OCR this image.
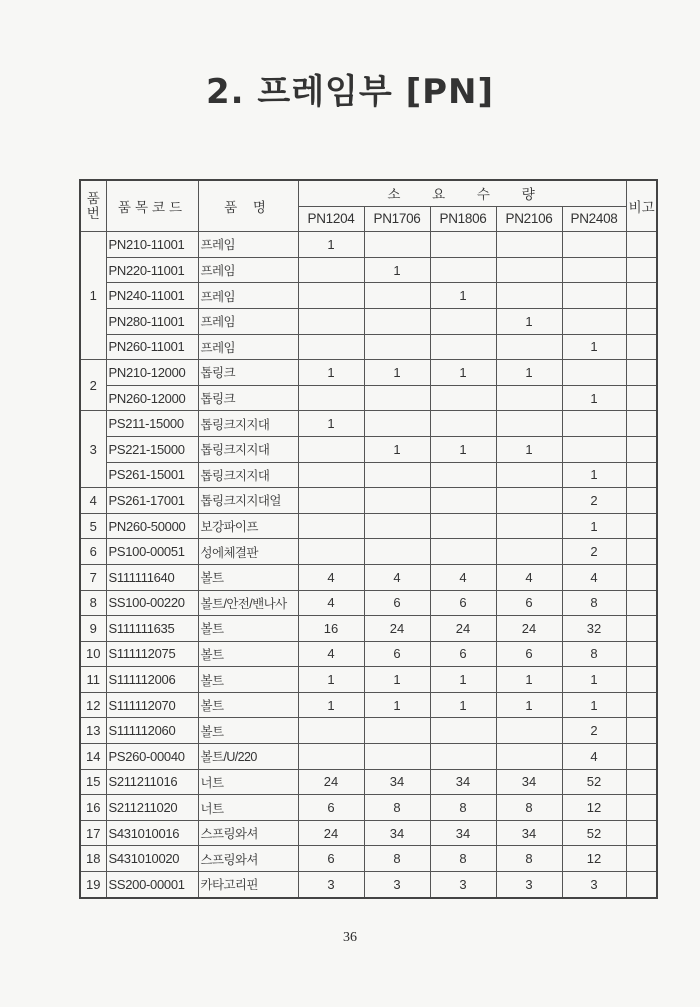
2. 프레임부 [PN]
품번	품목코드	품 명	소 요 수 량					비고
			PN1204	PN1706	PN1806	PN2106	PN2408	
1	PN210-11001	프레임	1					
	PN220-11001	프레임		1				
	PN240-11001	프레임			1			
	PN280-11001	프레임				1		
	PN260-11001	프레임					1	
2	PN210-12000	톱링크	1	1	1	1		
	PN260-12000	톱링크					1	
3	PS211-15000	톱링크지지대	1					
	PS221-15000	톱링크지지대		1	1	1		
	PS261-15001	톱링크지지대					1	
4	PS261-17001	톱링크지지대얼					2	
5	PN260-50000	보강파이프					1	
6	PS100-00051	성에체결판					2	
7	S111111640	볼트	4	4	4	4	4	
8	SS100-00220	볼트/안전/밴나사	4	6	6	6	8	
9	S111111635	볼트	16	24	24	24	32	
10	S111112075	볼트	4	6	6	6	8	
11	S111112006	볼트	1	1	1	1	1	
12	S111112070	볼트	1	1	1	1	1	
13	S111112060	볼트					2	
14	PS260-00040	볼트/U/220					4	
15	S211211016	너트	24	34	34	34	52	
16	S211211020	너트	6	8	8	8	12	
17	S431010016	스프링와셔	24	34	34	34	52	
18	S431010020	스프링와셔	6	8	8	8	12	
19	SS200-00001	카타고리핀	3	3	3	3	3	
36
